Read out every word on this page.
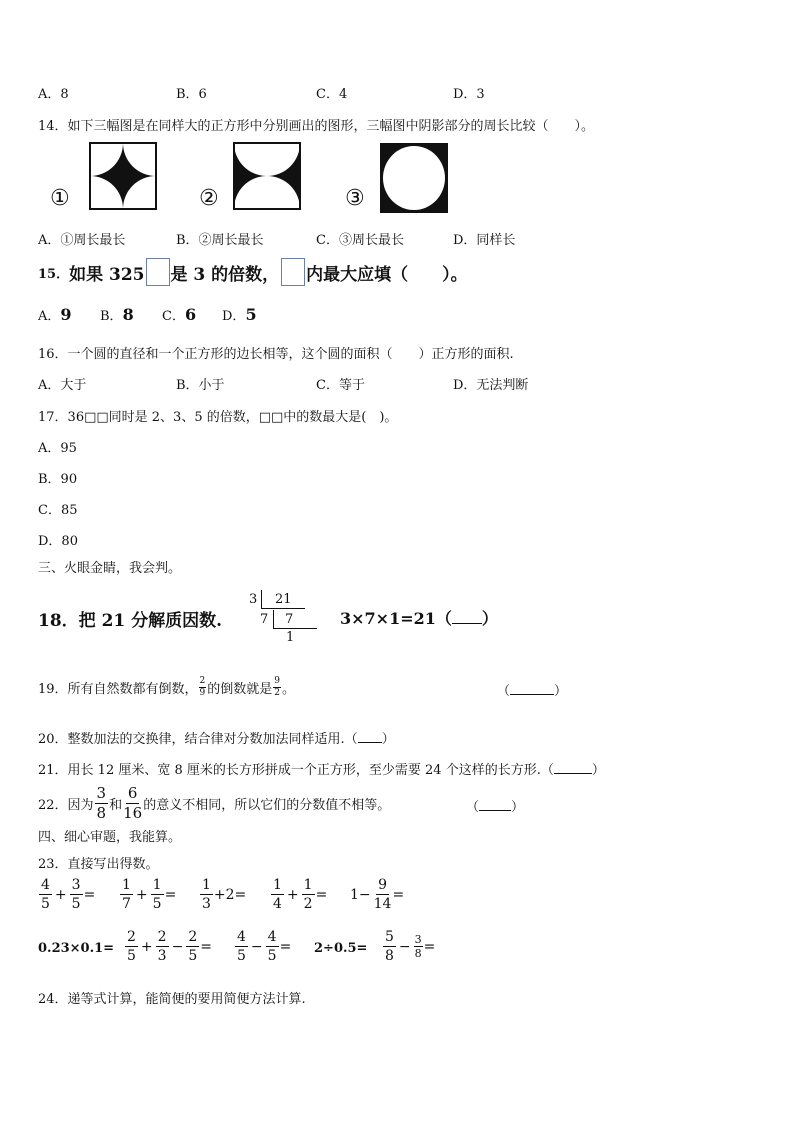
A．8	B．6	C．4	D．3
14．如下三幅图是在同样大的正方形中分别画出的图形，三幅图中阴影部分的周长比较（　　）。
①	②	③
A．①周长最长	B．②周长最长	C．③周长最长	D．同样长
15． 如果 325 是 3 的倍数， 内最大应填（　　）。
A．9 B．8 C．6 D．5
16．一个圆的直径和一个正方形的边长相等，这个圆的面积（　　）正方形的面积.
A．大于	B．小于	C．等于	D．无法判断
17．36□□同时是 2、3、5 的倍数，□□中的数最大是(　)。
A．95
B．90
C．85
D．80
三、火眼金睛，我会判。
18．把 21 分解质因数.
3 21
7 7
1
3×7×1=21（ ）
19．所有自然数都有倒数， $\frac{2}{9}$ 的倒数就是 $\frac{9}{2}$ 。	（	）
20．整数加法的交换律，结合律对分数加法同样适用.（ ）
21．用长 12 厘米、宽 8 厘米的长方形拼成一个正方形，至少需要 24 个这样的长方形.（	）
22．因为 $\frac{3}{8}$ 和 $\frac{6}{16}$ 的意义不相同，所以它们的分数值不相等。	（ ）
四、细心审题，我能算。
23．直接写出得数。
$\frac{4}{5} + \frac{3}{5} = \frac{1}{7} + \frac{1}{5} = \frac{1}{3} +2= \frac{1}{4} + \frac{1}{2} = 1- \frac{9}{14}$ =
$0.23\times 0.1= \frac{2}{5} + \frac{2}{3} - \frac{2}{5} = \frac{4}{5} - \frac{4}{5} = 2\div 0.5= \frac{5}{8} - \frac{3}{8}$ =
24．递等式计算，能简便的要用简便方法计算.
